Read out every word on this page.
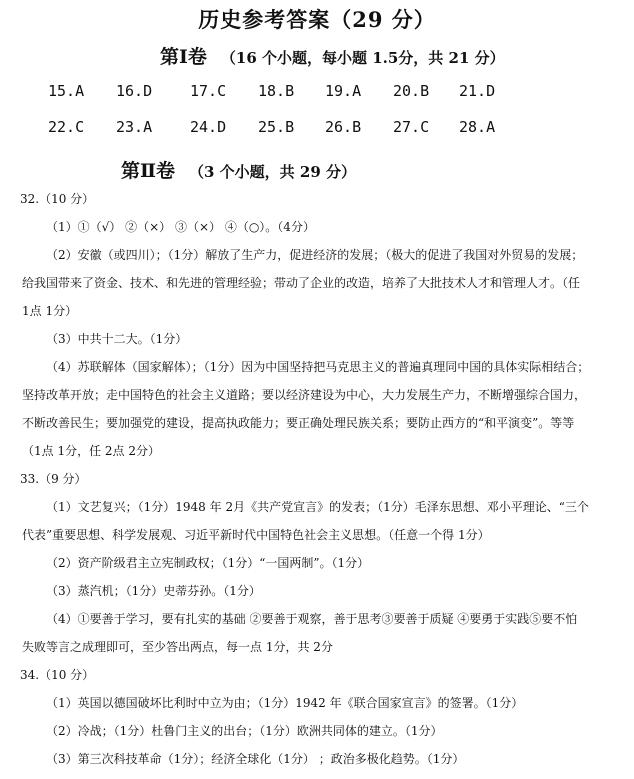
历史参考答案（29 分）
第Ⅰ卷 （16 个小题，每小题 1.5分，共 21 分）
15.A 16.D	17.C 18.B 19.A 20.B 21.D
22.C 23.A	24.D 25.B 26.B 27.C 28.A
第Ⅱ卷 （3 个小题，共 29 分）
32.（10 分）
（1）①（√） ②（×） ③（×） ④（○）。（4分）
（2）安徽（或四川）；（1分）解放了生产力，促进经济的发展；（极大的促进了我国对外贸易的发展；
给我国带来了资金、技术、和先进的管理经验；带动了企业的改造，培养了大批技术人才和管理人才。（任
1点 1分）
（3）中共十二大。（1分）
（4）苏联解体（国家解体）；（1分）因为中国坚持把马克思主义的普遍真理同中国的具体实际相结合；
坚持改革开放；走中国特色的社会主义道路；要以经济建设为中心，大力发展生产力，不断增强综合国力，
不断改善民生；要加强党的建设，提高执政能力；要正确处理民族关系；要防止西方的“和平演变”。等等
（1点 1分，任 2点 2分）
33.（9 分）
（1）文艺复兴；（1分）1948 年 2月《共产党宣言》的发表；（1分）毛泽东思想、邓小平理论、“三个
代表”重要思想、科学发展观、习近平新时代中国特色社会主义思想。（任意一个得 1分）
（2）资产阶级君主立宪制政权；（1分）“一国两制”。（1分）
（3）蒸汽机；（1分）史蒂芬孙。（1分）
（4）①要善于学习，要有扎实的基础 ②要善于观察，善于思考③要善于质疑 ④要勇于实践⑤要不怕
失败等言之成理即可，至少答出两点，每一点 1分，共 2分
34.（10 分）
（1）英国以德国破坏比利时中立为由；（1分）1942 年《联合国家宣言》的签署。（1分）
（2）冷战；（1分）杜鲁门主义的出台；（1分）欧洲共同体的建立。（1分）
（3）第三次科技革命（1分）；经济全球化（1分） ；政治多极化趋势。（1分）
